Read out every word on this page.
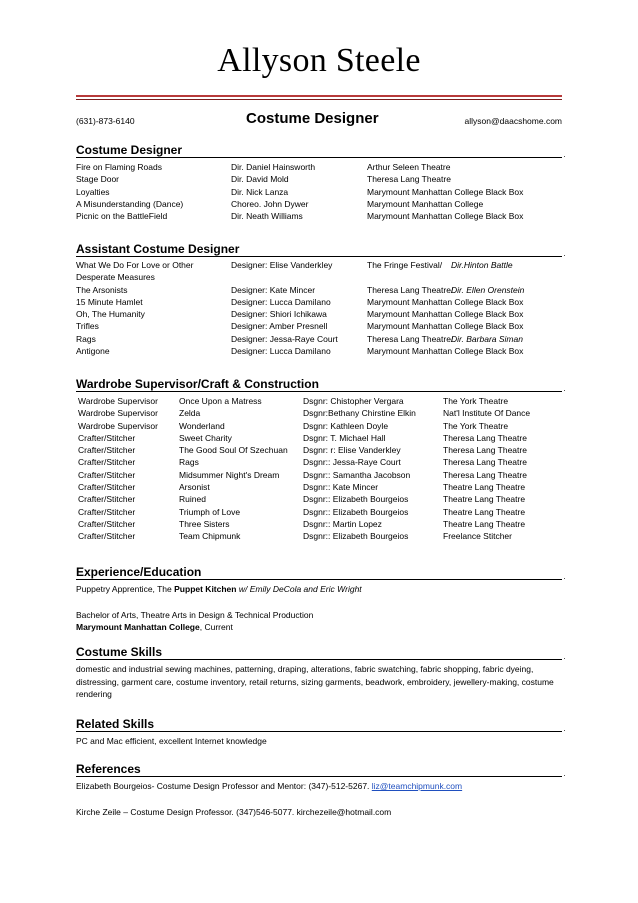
Allyson Steele
(631)-873-6140	Costume Designer	allyson@daacshome.com
Costume Designer	.
Fire on Flaming Roads	Dir. Daniel Hainsworth	Arthur Seleen Theatre
Stage Door	Dir. David Mold	Theresa Lang Theatre
Loyalties	Dir. Nick Lanza	Marymount Manhattan College Black Box
A Misunderstanding (Dance)	Choreo. John Dywer	Marymount Manhattan College
Picnic on the BattleField	Dir. Neath Williams	Marymount Manhattan College Black Box
Assistant Costume Designer	.
What We Do For Love or Other	Designer: Elise Vanderkley	The Fringe Festival/ Dir.Hinton Battle
Desperate Measures
The Arsonists	Designer: Kate Mincer	Theresa Lang Theatre/
Dir. Ellen Orenstein
15 Minute Hamlet	Designer: Lucca Damilano	Marymount Manhattan College Black Box
Oh, The Humanity	Designer: Shiori Ichikawa	Marymount Manhattan College Black Box
Trifles	Designer: Amber Presnell	Marymount Manhattan College Black Box
Rags	Designer: Jessa-Raye Court	Theresa Lang Theatre/
Dir. Barbara Siman
Antigone	Designer: Lucca Damilano	Marymount Manhattan College Black Box
Wardrobe Supervisor/Craft & Construction	.
Wardrobe Supervisor Once Upon a Matress	Dsgnr: Chistopher Vergara	The York Theatre
Wardrobe Supervisor Zelda	Dsgnr:Bethany Chirstine Elkin	Nat'l Institute Of Dance
Wardrobe Supervisor Wonderland	Dsgnr: Kathleen Doyle	The York Theatre
Crafter/Stitcher	Sweet Charity	Dsgnr: T. Michael Hall	Theresa Lang Theatre
Crafter/Stitcher	The Good Soul Of Szechuan Dsgnr: r: Elise Vanderkley	Theresa Lang Theatre
Crafter/Stitcher	Rags	Dsgnr:: Jessa-Raye Court	Theresa Lang Theatre
Crafter/Stitcher	Midsummer Night's Dream	Dsgnr:: Samantha Jacobson	Theresa Lang Theatre
Crafter/Stitcher	Arsonist	Dsgnr:: Kate Mincer	Theatre Lang Theatre
Crafter/Stitcher	Ruined	Dsgnr:: Elizabeth Bourgeios	Theatre Lang Theatre
Crafter/Stitcher	Triumph of Love	Dsgnr:: Elizabeth Bourgeios	Theatre Lang Theatre
Crafter/Stitcher	Three Sisters	Dsgnr:: Martin Lopez	Theatre Lang Theatre
Crafter/Stitcher	Team Chipmunk	Dsgnr:: Elizabeth Bourgeios	Freelance Stitcher
Experience/Education	.
Puppetry Apprentice, The Puppet Kitchen w/ Emily DeCola and Eric Wright
Bachelor of Arts, Theatre Arts in Design & Technical Production
Marymount Manhattan College, Current
Costume Skills	.
domestic and industrial sewing machines, patterning, draping, alterations, fabric swatching, fabric shopping, fabric dyeing, distressing, garment care, costume inventory, retail returns, sizing garments, beadwork, embroidery, jewellery-making, costume rendering
Related Skills	.
PC and Mac efficient, excellent Internet knowledge
References	.
Elizabeth Bourgeios- Costume Design Professor and Mentor: (347)-512-5267. liz@teamchipmunk.com
Kirche Zeile – Costume Design Professor. (347)546-5077. kirchezeile@hotmail.com
